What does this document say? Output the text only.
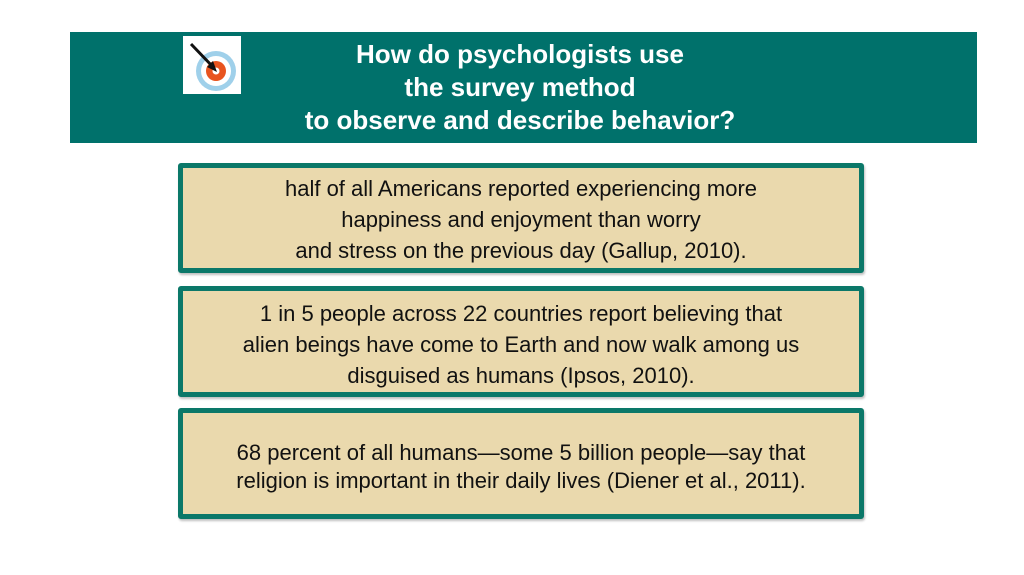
How do psychologists use
the survey method
to observe and describe behavior?
half of all Americans reported experiencing more
happiness and enjoyment than worry
and stress on the previous day (Gallup, 2010).
1 in 5 people across 22 countries report believing that
alien beings have come to Earth and now walk among us
disguised as humans (Ipsos, 2010).
68 percent of all humans—some 5 billion people—say that
religion is important in their daily lives (Diener et al., 2011).
